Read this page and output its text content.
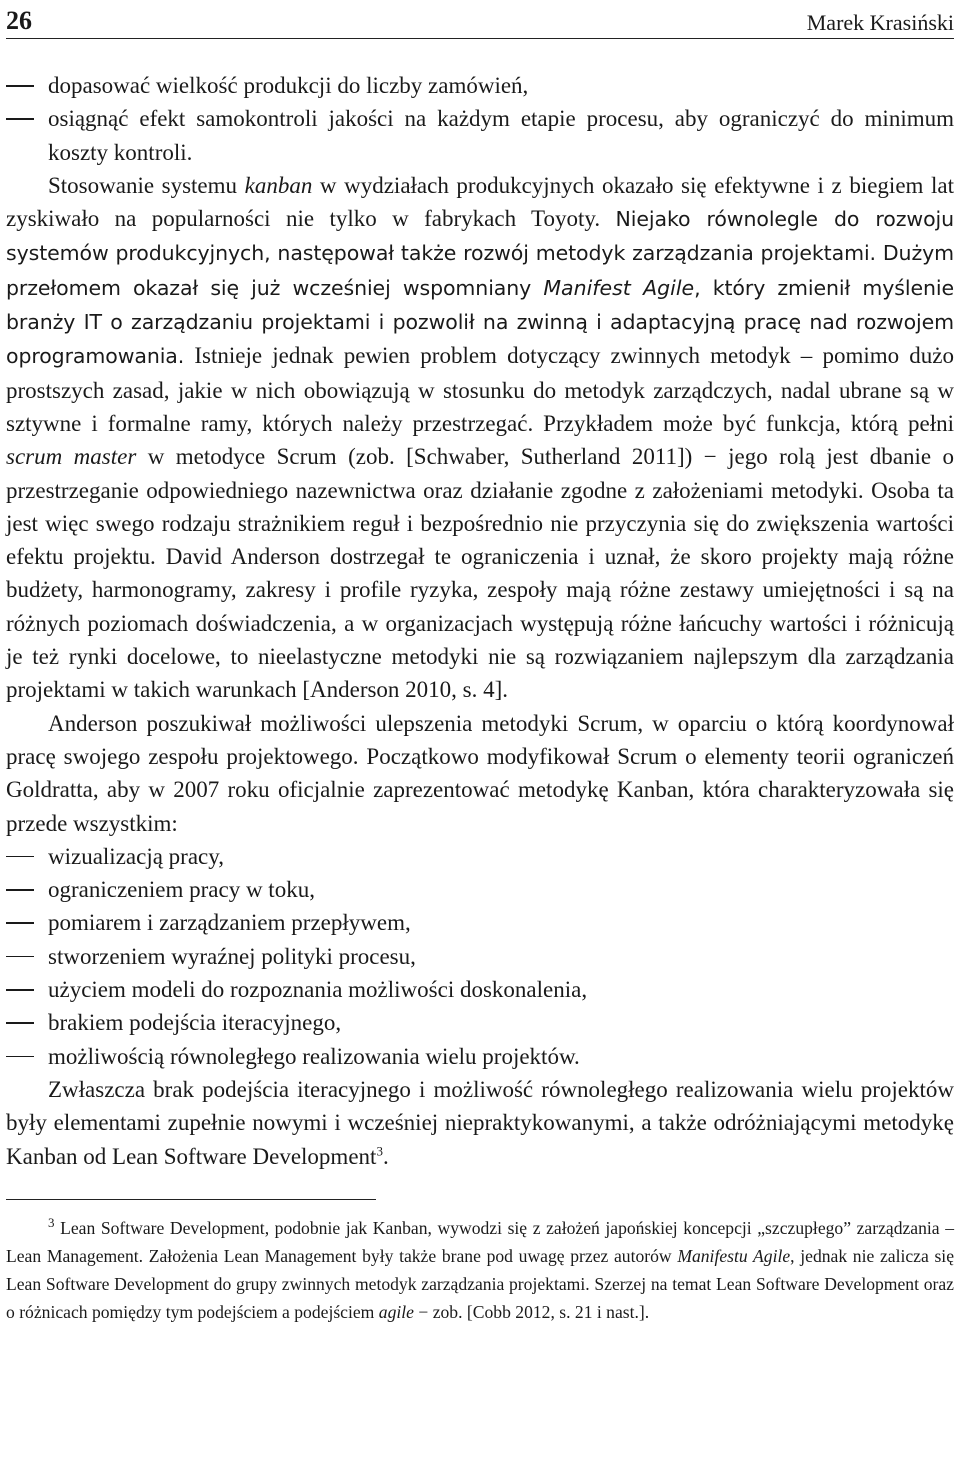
26	Marek Krasiński
dopasować wielkość produkcji do liczby zamówień,
osiągnąć efekt samokontroli jakości na każdym etapie procesu, aby ograniczyć do minimum koszty kontroli.

Stosowanie systemu kanban w wydziałach produkcyjnych okazało się efektywne i z biegiem lat zyskiwało na popularności nie tylko w fabrykach Toyoty. Niejako równolegle do rozwoju systemów produkcyjnych, następował także rozwój metodyk zarządzania projektami. Dużym przełomem okazał się już wcześniej wspomniany Manifest Agile, który zmienił myślenie branży IT o zarządzaniu projektami i pozwolił na zwinną i adaptacyjną pracę nad rozwojem oprogramowania. Istnieje jednak pewien problem dotyczący zwinnych metodyk – pomimo dużo prostszych zasad, jakie w nich obowiązują w stosunku do metodyk zarządczych, nadal ubrane są w sztywne i formalne ramy, których należy przestrzegać. Przykładem może być funkcja, którą pełni scrum master w metodyce Scrum (zob. [Schwaber, Sutherland 2011]) − jego rolą jest dbanie o przestrzeganie odpowiedniego nazewnictwa oraz działanie zgodne z założeniami metodyki. Osoba ta jest więc swego rodzaju strażnikiem reguł i bezpośrednio nie przyczynia się do zwiększenia wartości efektu projektu. David Anderson dostrzegał te ograniczenia i uznał, że skoro projekty mają różne budżety, harmonogramy, zakresy i profile ryzyka, zespoły mają różne zestawy umiejętności i są na różnych poziomach doświadczenia, a w organizacjach występują różne łańcuchy wartości i różnicują je też rynki docelowe, to nieelastyczne metodyki nie są rozwiązaniem najlepszym dla zarządzania projektami w takich warunkach [Anderson 2010, s. 4].

Anderson poszukiwał możliwości ulepszenia metodyki Scrum, w oparciu o którą koordynował pracę swojego zespołu projektowego. Początkowo modyfikował Scrum o elementy teorii ograniczeń Goldratta, aby w 2007 roku oficjalnie zaprezentować metodykę Kanban, która charakteryzowała się przede wszystkim:

wizualizacją pracy,
ograniczeniem pracy w toku,
pomiarem i zarządzaniem przepływem,
stworzeniem wyraźnej polityki procesu,
użyciem modeli do rozpoznania możliwości doskonalenia,
brakiem podejścia iteracyjnego,
możliwością równoległego realizowania wielu projektów.

Zwłaszcza brak podejścia iteracyjnego i możliwość równoległego realizowania wielu projektów były elementami zupełnie nowymi i wcześniej niepraktykowanymi, a także odróżniającymi metodykę Kanban od Lean Software Development$^3$.

$^3$ Lean Software Development, podobnie jak Kanban, wywodzi się z założeń japońskiej koncepcji „szczupłego” zarządzania – Lean Management. Założenia Lean Management były także brane pod uwagę przez autorów Manifestu Agile, jednak nie zalicza się Lean Software Development do grupy zwinnych metodyk zarządzania projektami. Szerzej na temat Lean Software Development oraz o różnicach pomiędzy tym podejściem a podejściem agile − zob. [Cobb 2012, s. 21 i nast.].
